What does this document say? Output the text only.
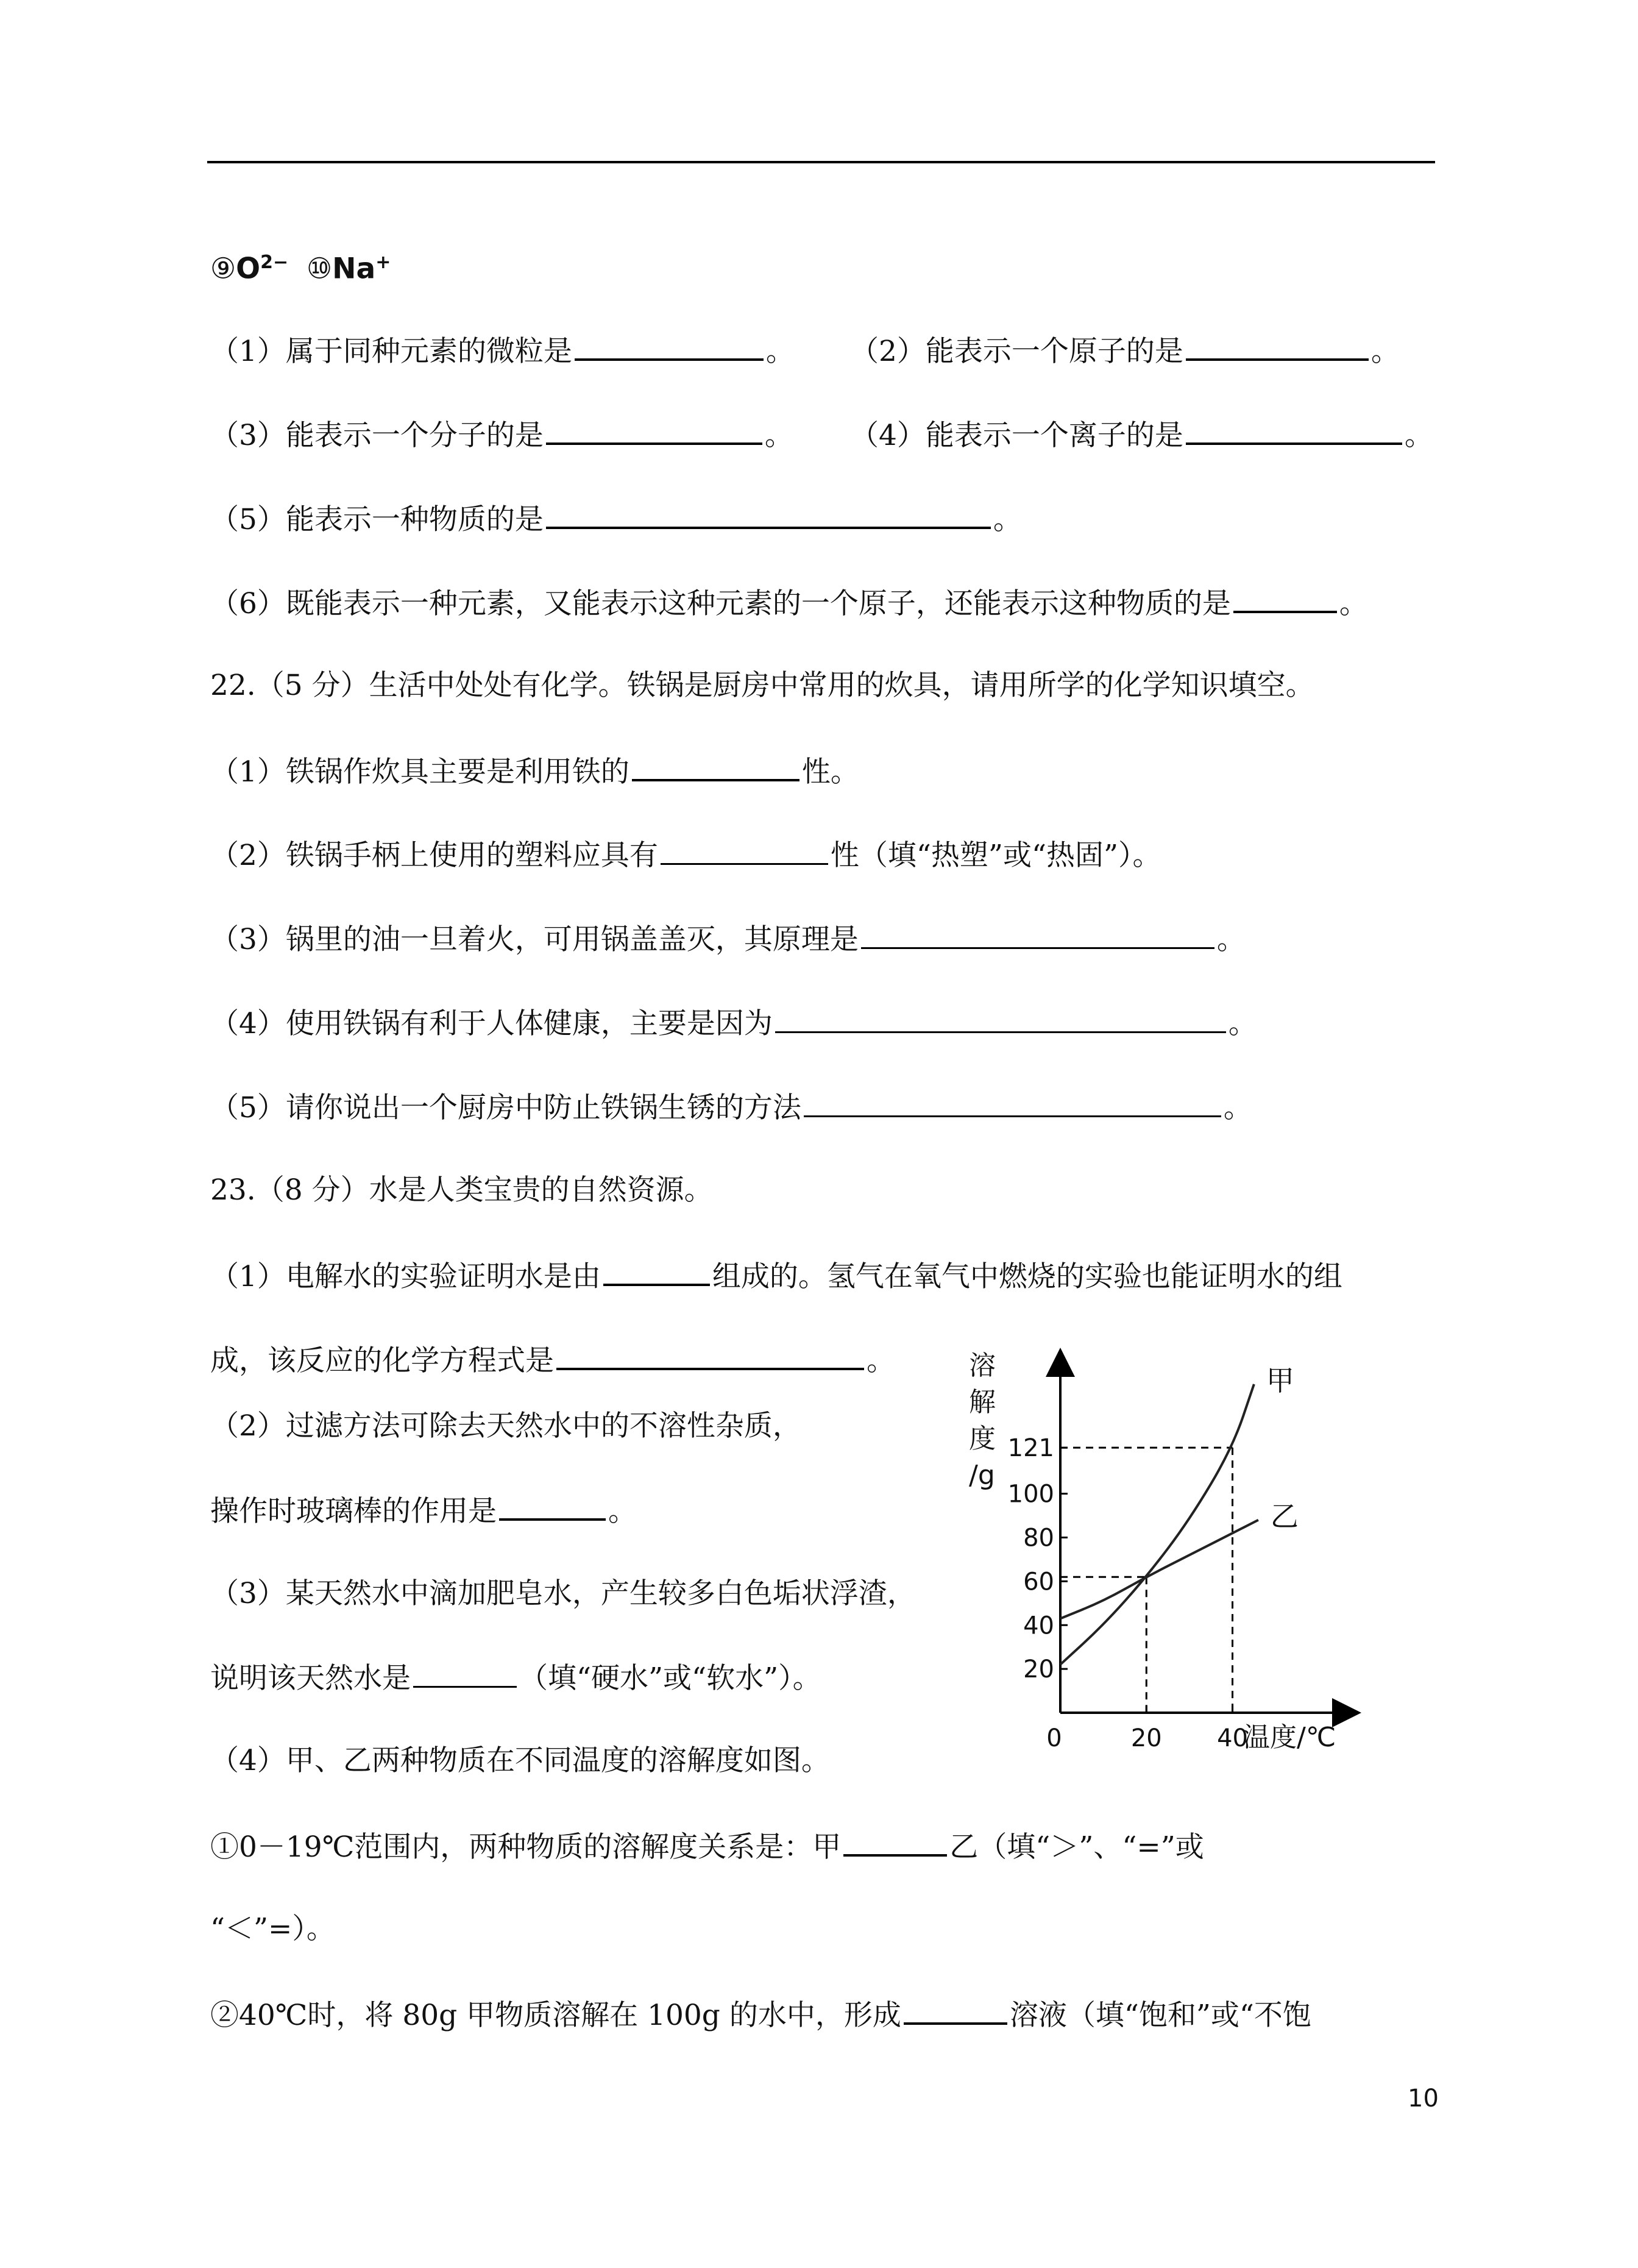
$⑨O^{2-}$ ⑩Na+
（1）属于同种元素的微粒是	。 （2）能表示一个原子的是	。
（3）能表示一个分子的是	。 （4）能表示一个离子的是	。
（5）能表示一种物质的是	。
（6）既能表示一种元素，又能表示这种元素的一个原子，还能表示这种物质的是	。
22.（5 分）生活中处处有化学。铁锅是厨房中常用的炊具，请用所学的化学知识填空。
（1）铁锅作炊具主要是利用铁的	性。
（2）铁锅手柄上使用的塑料应具有	性（填“热塑”或“热固”）。
（3）锅里的油一旦着火，可用锅盖盖灭，其原理是	。
（4）使用铁锅有利于人体健康，主要是因为	。
（5）请你说出一个厨房中防止铁锅生锈的方法	。
23.（8 分）水是人类宝贵的自然资源。
（1）电解水的实验证明水是由	组成的。氢气在氧气中燃烧的实验也能证明水的组
成，该反应的化学方程式是	。
（2）过滤方法可除去天然水中的不溶性杂质，
操作时玻璃棒的作用是	。
（3）某天然水中滴加肥皂水，产生较多白色垢状浮渣，
说明该天然水是	（填“硬水”或“软水”）。
（4）甲、乙两种物质在不同温度的溶解度如图。
①0－19℃范围内，两种物质的溶解度关系是：甲	乙（填“＞”、“=”或
“＜”=）。
②40℃时，将 80g 甲物质溶解在 100g 的水中，形成	溶液（填“饱和”或“不饱
10
20
40
60
80
100
121
0	20 40
温度/℃
溶
解
度
/g
甲
乙
